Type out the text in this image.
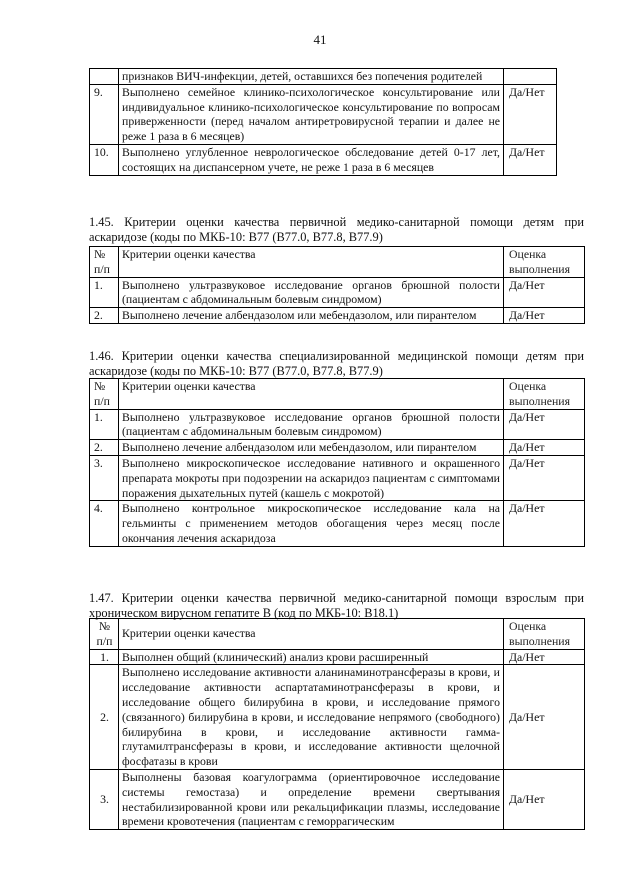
41
	признаков ВИЧ-инфекции, детей, оставшихся без попечения родителей	
9.	Выполнено семейное клинико-психологическое консультирование или индивидуальное клинико-психологическое консультирование по вопросам приверженности (перед началом антиретровирусной терапии и далее не реже 1 раза в 6 месяцев)	Да/Нет
10.	Выполнено углубленное неврологическое обследование детей 0-17 лет, состоящих на диспансерном учете, не реже 1 раза в 6 месяцев	Да/Нет
1.45. Критерии оценки качества первичной медико-санитарной помощи детям при аскаридозе (коды по МКБ-10: B77 (B77.0, B77.8, B77.9)
№ п/п	Критерии оценки качества	Оценка выполнения
1.	Выполнено ультразвуковое исследование органов брюшной полости (пациентам с абдоминальным болевым синдромом)	Да/Нет
2.	Выполнено лечение албендазолом или мебендазолом, или пирантелом	Да/Нет
1.46. Критерии оценки качества специализированной медицинской помощи детям при аскаридозе (коды по МКБ-10: B77 (B77.0, B77.8, B77.9)
№ п/п	Критерии оценки качества	Оценка выполнения
1.	Выполнено ультразвуковое исследование органов брюшной полости (пациентам с абдоминальным болевым синдромом)	Да/Нет
2.	Выполнено лечение албендазолом или мебендазолом, или пирантелом	Да/Нет
3.	Выполнено микроскопическое исследование нативного и окрашенного препарата мокроты при подозрении на аскаридоз пациентам с симптомами поражения дыхательных путей (кашель с мокротой)	Да/Нет
4.	Выполнено контрольное микроскопическое исследование кала на гельминты с применением методов обогащения через месяц после окончания лечения аскаридоза	Да/Нет
1.47. Критерии оценки качества первичной медико-санитарной помощи взрослым при хроническом вирусном гепатите B (код по МКБ-10: B18.1)
№ п/п	Критерии оценки качества	Оценка выполнения
1.	Выполнен общий (клинический) анализ крови расширенный	Да/Нет
2.	Выполнено исследование активности аланинаминотрансферазы в крови, и исследование активности аспартатаминотрансферазы в крови, и исследование общего билирубина в крови, и исследование прямого (связанного) билирубина в крови, и исследование непрямого (свободного) билирубина в крови, и исследование активности гамма-глутамилтрансферазы в крови, и исследование активности щелочной фосфатазы в крови	Да/Нет
3.	Выполнены базовая коагулограмма (ориентировочное исследование системы гемостаза) и определение времени свертывания нестабилизированной крови или рекальцификации плазмы, исследование времени кровотечения (пациентам с геморрагическим	Да/Нет
